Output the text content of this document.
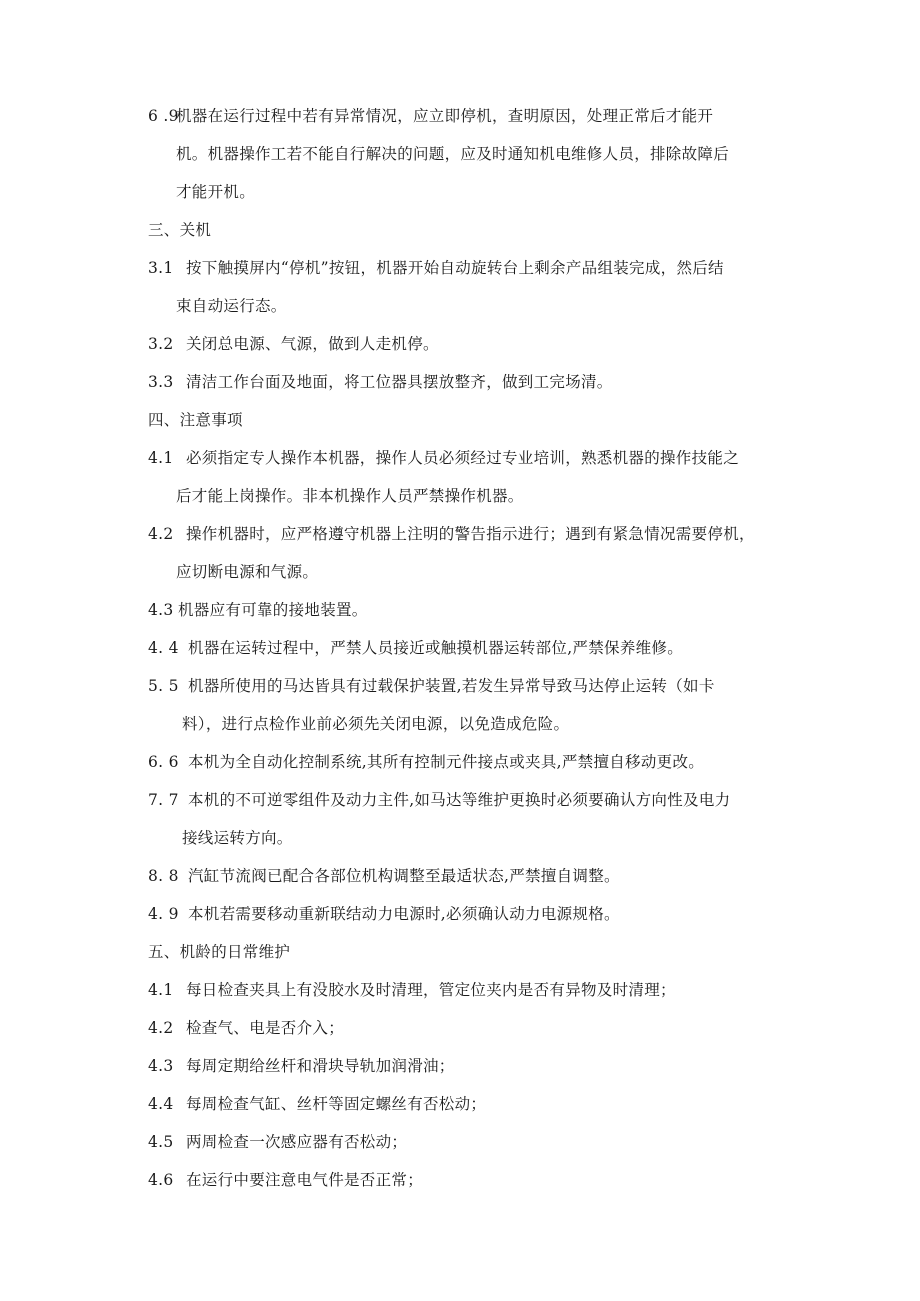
6 .9机器在运行过程中若有异常情况，应立即停机，查明原因，处理正常后才能开
机。机器操作工若不能自行解决的问题，应及时通知机电维修人员，排除故障后
才能开机。
三、关机
3.1 按下触摸屏内“停机”按钮，机器开始自动旋转台上剩余产品组装完成，然后结
束自动运行态。
3.2 关闭总电源、气源，做到人走机停。
3.3 清洁工作台面及地面，将工位器具摆放整齐，做到工完场清。
四、注意事项
4.1 必须指定专人操作本机器，操作人员必须经过专业培训，熟悉机器的操作技能之
后才能上岗操作。非本机操作人员严禁操作机器。
4.2 操作机器时，应严格遵守机器上注明的警告指示进行；遇到有紧急情况需要停机，
应切断电源和气源。
4.3 机器应有可靠的接地装置。
4. 4 机器在运转过程中，严禁人员接近或触摸机器运转部位,严禁保养维修。
5. 5 机器所使用的马达皆具有过载保护装置,若发生异常导致马达停止运转（如卡
料），进行点检作业前必须先关闭电源，以免造成危险。
6. 6 本机为全自动化控制系统,其所有控制元件接点或夹具,严禁擅自移动更改。
7. 7 本机的不可逆零组件及动力主件,如马达等维护更换时必须要确认方向性及电力
接线运转方向。
8. 8 汽缸节流阀已配合各部位机构调整至最适状态,严禁擅自调整。
4. 9 本机若需要移动重新联结动力电源时,必须确认动力电源规格。
五、机龄的日常维护
4.1 每日检查夹具上有没胶水及时清理，管定位夹内是否有异物及时清理；
4.2 检查气、电是否介入；
4.3 每周定期给丝杆和滑块导轨加润滑油；
4.4 每周检查气缸、丝杆等固定螺丝有否松动；
4.5 两周检查一次感应器有否松动；
4.6 在运行中要注意电气件是否正常；
